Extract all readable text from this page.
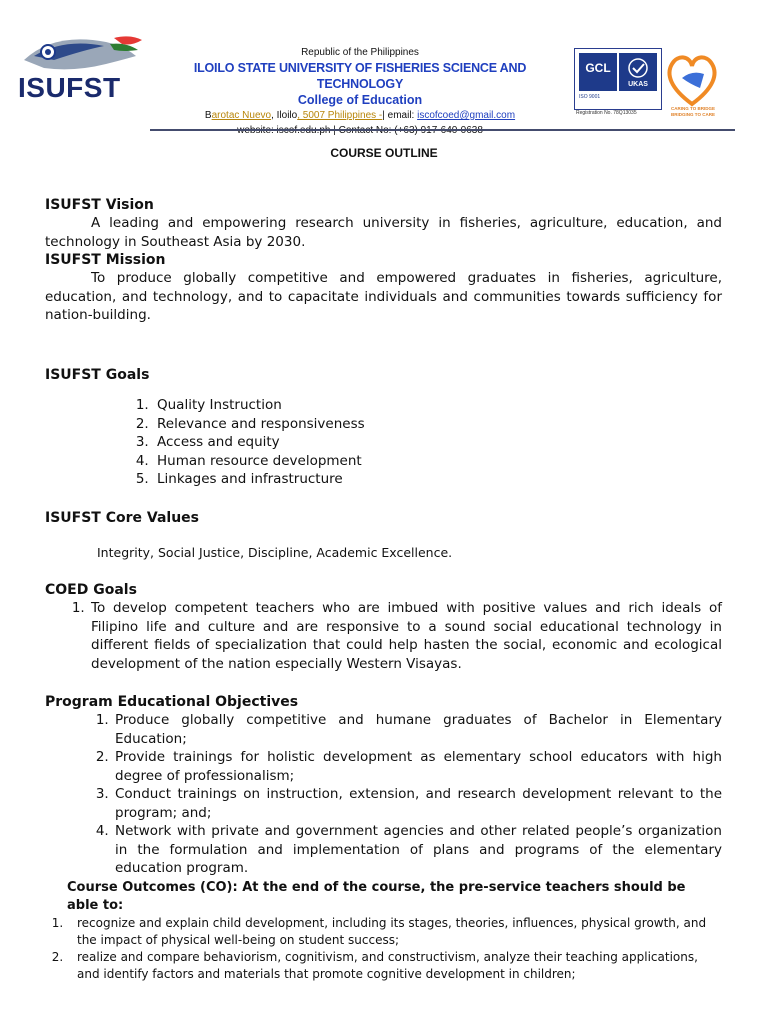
ISUFST
Republic of the Philippines
ILOILO STATE UNIVERSITY OF FISHERIES SCIENCE AND TECHNOLOGY
College of Education
Barotac Nuevo, Iloilo, 5007 Philippines -| email: iscofcoed@gmail.com
GCL
UKAS
ISO 9001
Registration No. 78Q13035
CARING TO BRIDGE BRIDGING TO CARE
COURSE OUTLINE
ISUFST Vision
A leading and empowering research university in fisheries, agriculture, education, and technology in Southeast Asia by 2030.
ISUFST Mission
To produce globally competitive and empowered graduates in fisheries, agriculture, education, and technology, and to capacitate individuals and communities towards sufficiency for nation-building.
ISUFST Goals
1. Quality Instruction
2. Relevance and responsiveness
3. Access and equity
4. Human resource development
5. Linkages and infrastructure
ISUFST Core Values
Integrity, Social Justice, Discipline, Academic Excellence.
COED Goals
1. To develop competent teachers who are imbued with positive values and rich ideals of Filipino life and culture and are responsive to a sound social educational technology in different fields of specialization that could help hasten the social, economic and ecological development of the nation especially Western Visayas.
Program Educational Objectives
1. Produce globally competitive and humane graduates of Bachelor in Elementary Education;
2. Provide trainings for holistic development as elementary school educators with high degree of professionalism;
3. Conduct trainings on instruction, extension, and research development relevant to the program; and;
4. Network with private and government agencies and other related people’s organization in the formulation and implementation of plans and programs of the elementary education program.
Course Outcomes (CO): At the end of the course, the pre-service teachers should be able to:
1. recognize and explain child development, including its stages, theories, influences, physical growth, and the impact of physical well-being on student success;
2. realize and compare behaviorism, cognitivism, and constructivism, analyze their teaching applications, and identify factors and materials that promote cognitive development in children;
